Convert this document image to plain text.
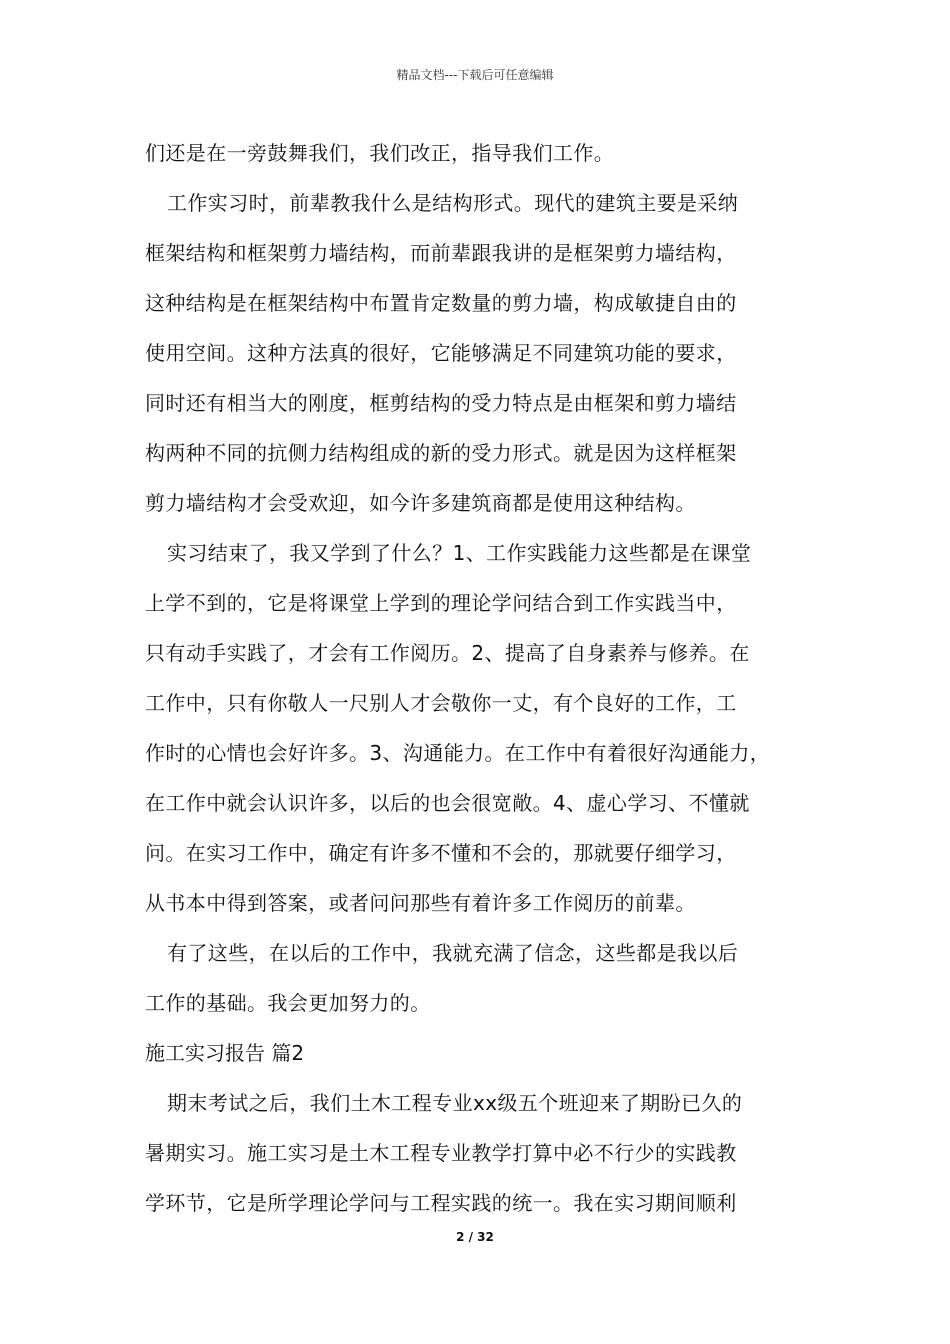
精品文档---下载后可任意编辑
们还是在一旁鼓舞我们，我们改正，指导我们工作。
工作实习时，前辈教我什么是结构形式。现代的建筑主要是采纳
框架结构和框架剪力墙结构，而前辈跟我讲的是框架剪力墙结构，
这种结构是在框架结构中布置肯定数量的剪力墙，构成敏捷自由的
使用空间。这种方法真的很好，它能够满足不同建筑功能的要求，
同时还有相当大的刚度，框剪结构的受力特点是由框架和剪力墙结
构两种不同的抗侧力结构组成的新的受力形式。就是因为这样框架
剪力墙结构才会受欢迎，如今许多建筑商都是使用这种结构。
实习结束了，我又学到了什么？1、工作实践能力这些都是在课堂
上学不到的，它是将课堂上学到的理论学问结合到工作实践当中，
只有动手实践了，才会有工作阅历。2、提高了自身素养与修养。在
工作中，只有你敬人一尺别人才会敬你一丈，有个良好的工作，工
作时的心情也会好许多。3、沟通能力。在工作中有着很好沟通能力，
在工作中就会认识许多，以后的也会很宽敞。4、虚心学习、不懂就
问。在实习工作中，确定有许多不懂和不会的，那就要仔细学习，
从书本中得到答案，或者问问那些有着许多工作阅历的前辈。
有了这些，在以后的工作中，我就充满了信念，这些都是我以后
工作的基础。我会更加努力的。
施工实习报告 篇2
期末考试之后，我们土木工程专业xx级五个班迎来了期盼已久的
暑期实习。施工实习是土木工程专业教学打算中必不行少的实践教
学环节，它是所学理论学问与工程实践的统一。我在实习期间顺利
2 / 32
